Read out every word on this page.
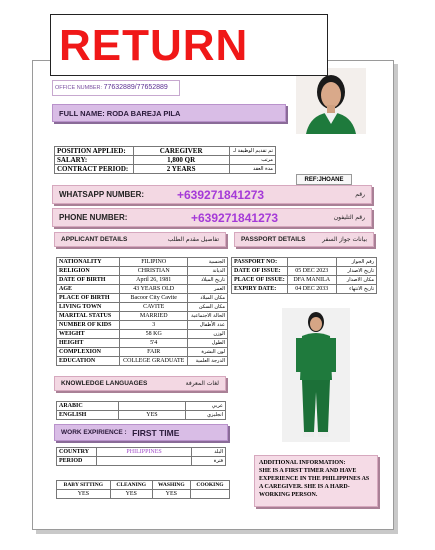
RETURN
OFFICE NUMBER: 77632889/77652889
FULL NAME:
RODA BAREJA PILA
POSITION APPLIED:	CAREGIVER	تم تقديم الوظيفة لـ
SALARY:	1,800 QR	مرتب
CONTRACT PERIOD:	2 YEARS	مدة العقد
REF:JHOANE
WHATSAPP NUMBER:	+639271841273	رقم
PHONE NUMBER:	+639271841273	رقم التليفون
APPLICANT DETAILS	تفاصيل مقدم الطلب	PASSPORT DETAILS	بيانات جواز السفر
NATIONALITY	FILIPINO	الجنسية
RELIGION	CHRISTIAN	الديانة
DATE OF BIRTH	April 26, 1981	تاريخ الميلاد
AGE	43 YEARS OLD	العمر
PLACE OF BIRTH	Bacoor City Cavite	مكان الميلاد
LIVING TOWN	CAVITE	مكان السكن
MARITAL STATUS	MARRIED	الحالة الاجتماعية
NUMBER OF KIDS	3	عدد الأطفال
WEIGHT	58 KG	الوزن
HEIGHT	5'4	الطول
COMPLEXION	FAIR	لون البشرة
EDUCATION	COLLEGE GRADUATE	الدرجة العلمية
PASSPORT NO:		رقم الجواز
DATE OF ISSUE:	05 DEC 2023	تاريخ الاصدار
PLACE OF ISSUE:	DFA MANILA	مكان الاصدار
EXPIRY DATE:	04 DEC 2033	تاريخ الانتهاء
KNOWLEDGE LANGUAGES	لغات المعرفة
ARABIC		عربي
ENGLISH	YES	انجليزي
WORK EXPIRIENCE :
FIRST TIME
COUNTRY	PHILIPPINES	البلد
PERIOD		فترة
BABY SITTING	CLEANING	WASHING	COOKING
YES	YES	YES	
ADDITIONAL INFORMATION:
SHE IS A FIRST TIMER AND HAVE EXPERIENCE IN THE PHILIPPINES AS A CAREGIVER. SHE IS A HARD-WORKING PERSON.
